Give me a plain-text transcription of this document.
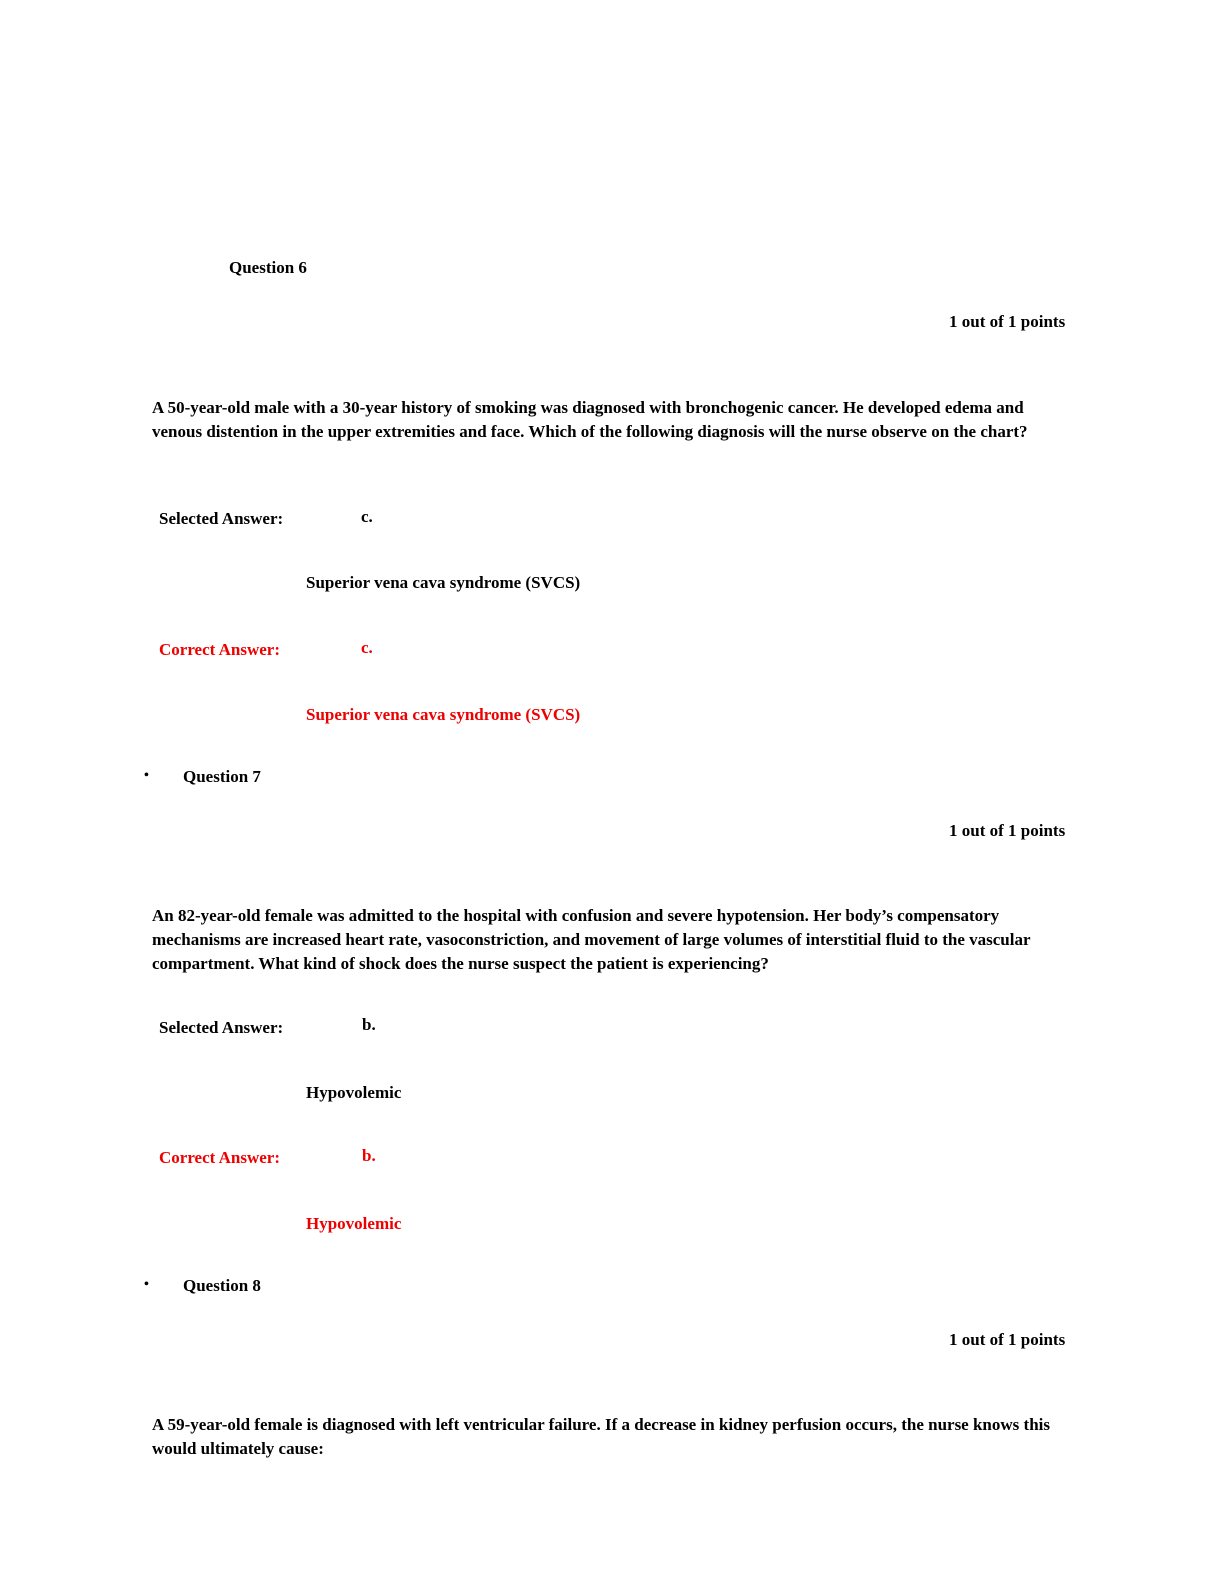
Question 6
1 out of 1 points
A 50-year-old male with a 30-year history of smoking was diagnosed with bronchogenic cancer. He developed edema and venous distention in the upper extremities and face. Which of the following diagnosis will the nurse observe on the chart?
Selected Answer:	c.
Superior vena cava syndrome (SVCS)
Correct Answer:	c.
Superior vena cava syndrome (SVCS)
• Question 7
1 out of 1 points
An 82-year-old female was admitted to the hospital with confusion and severe hypotension. Her body’s compensatory mechanisms are increased heart rate, vasoconstriction, and movement of large volumes of interstitial fluid to the vascular compartment. What kind of shock does the nurse suspect the patient is experiencing?
Selected Answer:	b.
Hypovolemic
Correct Answer:	b.
Hypovolemic
• Question 8
1 out of 1 points
A 59-year-old female is diagnosed with left ventricular failure. If a decrease in kidney perfusion occurs, the nurse knows this would ultimately cause:
